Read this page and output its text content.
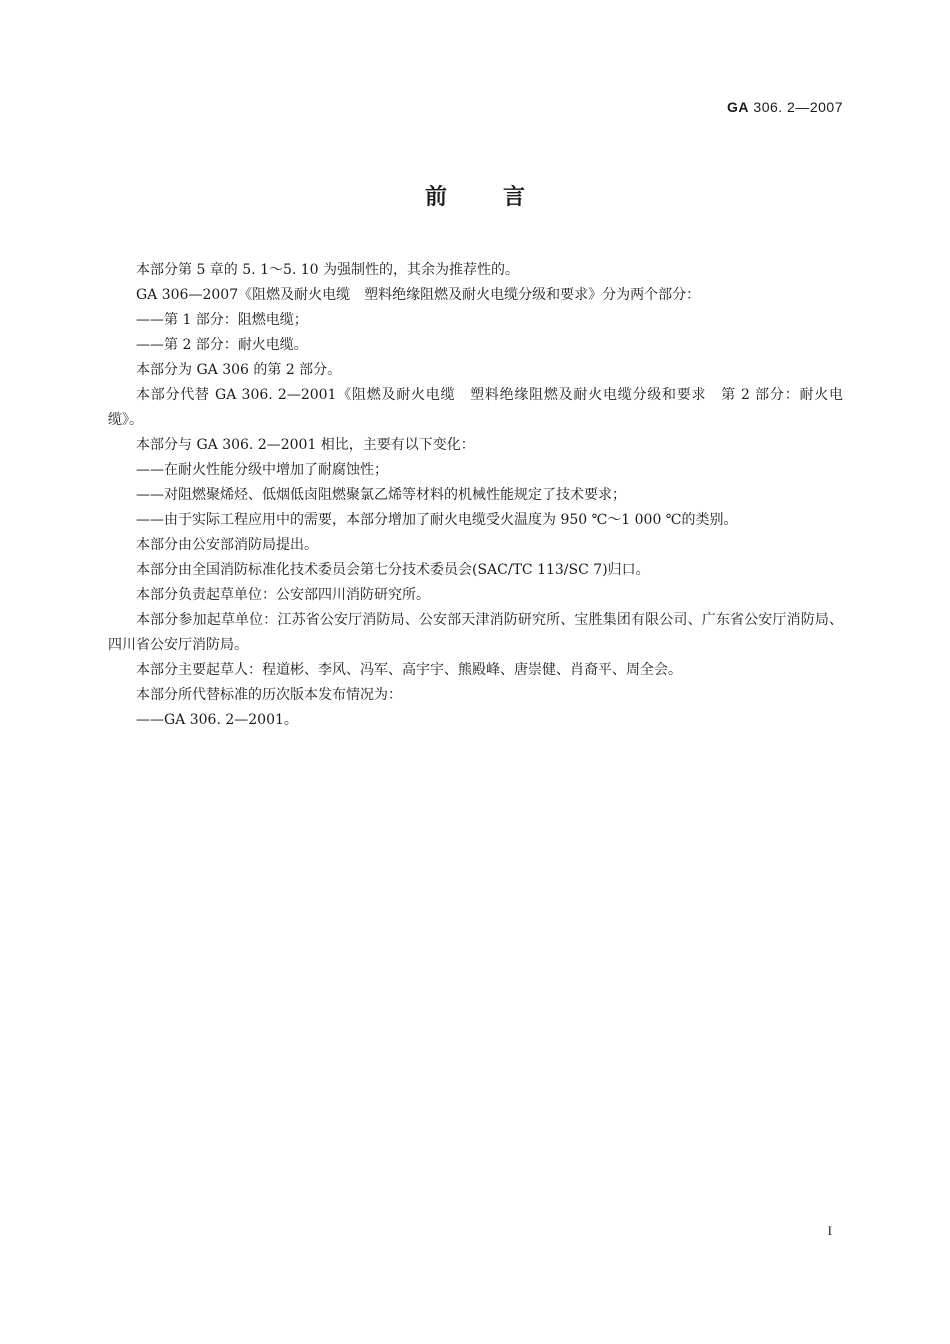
GA 306. 2—2007
前言

本部分第 5 章的 5. 1～5. 10 为强制性的，其余为推荐性的。

GA 306—2007《阻燃及耐火电缆　塑料绝缘阻燃及耐火电缆分级和要求》分为两个部分：

——第 1 部分：阻燃电缆；

——第 2 部分：耐火电缆。

本部分为 GA 306 的第 2 部分。

本部分代替 GA 306. 2—2001《阻燃及耐火电缆　塑料绝缘阻燃及耐火电缆分级和要求　第 2 部分：耐火电缆》。

本部分与 GA 306. 2—2001 相比，主要有以下变化：

——在耐火性能分级中增加了耐腐蚀性；

——对阻燃聚烯烃、低烟低卤阻燃聚氯乙烯等材料的机械性能规定了技术要求；

——由于实际工程应用中的需要，本部分增加了耐火电缆受火温度为 950 ℃～1 000 ℃的类别。

本部分由公安部消防局提出。

本部分由全国消防标准化技术委员会第七分技术委员会(SAC/TC 113/SC 7)归口。

本部分负责起草单位：公安部四川消防研究所。

本部分参加起草单位：江苏省公安厅消防局、公安部天津消防研究所、宝胜集团有限公司、广东省公安厅消防局、四川省公安厅消防局。

本部分主要起草人：程道彬、李风、冯军、高宇宇、熊殿峰、唐崇健、肖裔平、周全会。

本部分所代替标准的历次版本发布情况为：

——GA 306. 2—2001。

I
